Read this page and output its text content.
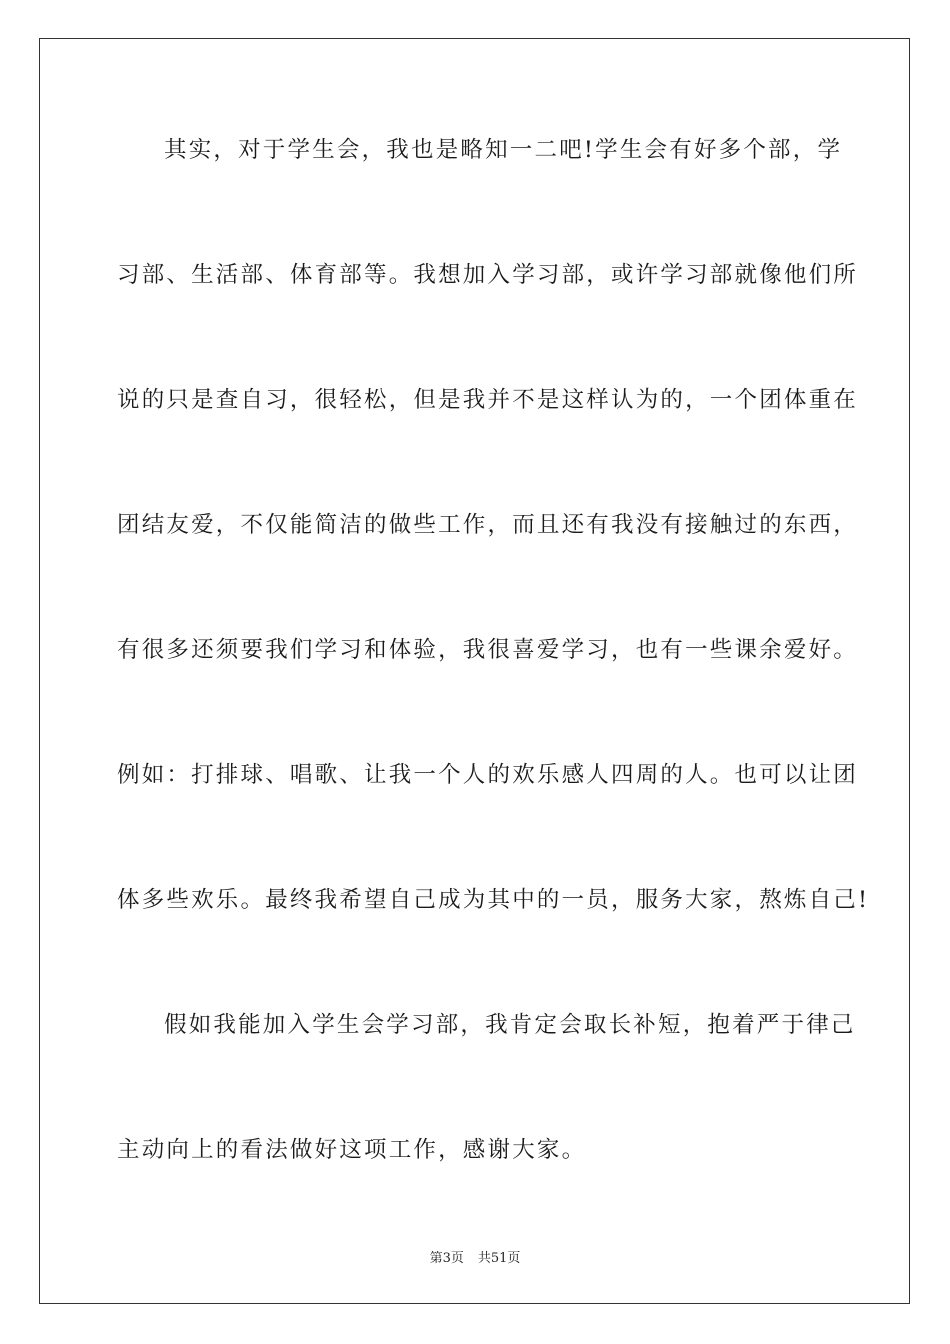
其实，对于学生会，我也是略知一二吧!学生会有好多个部，学
习部、生活部、体育部等。我想加入学习部，或许学习部就像他们所
说的只是查自习，很轻松，但是我并不是这样认为的，一个团体重在
团结友爱，不仅能简洁的做些工作，而且还有我没有接触过的东西，
有很多还须要我们学习和体验，我很喜爱学习，也有一些课余爱好。
例如：打排球、唱歌、让我一个人的欢乐感人四周的人。也可以让团
体多些欢乐。最终我希望自己成为其中的一员，服务大家，熬炼自己!
假如我能加入学生会学习部，我肯定会取长补短，抱着严于律己
主动向上的看法做好这项工作，感谢大家。
第3页 共51页
